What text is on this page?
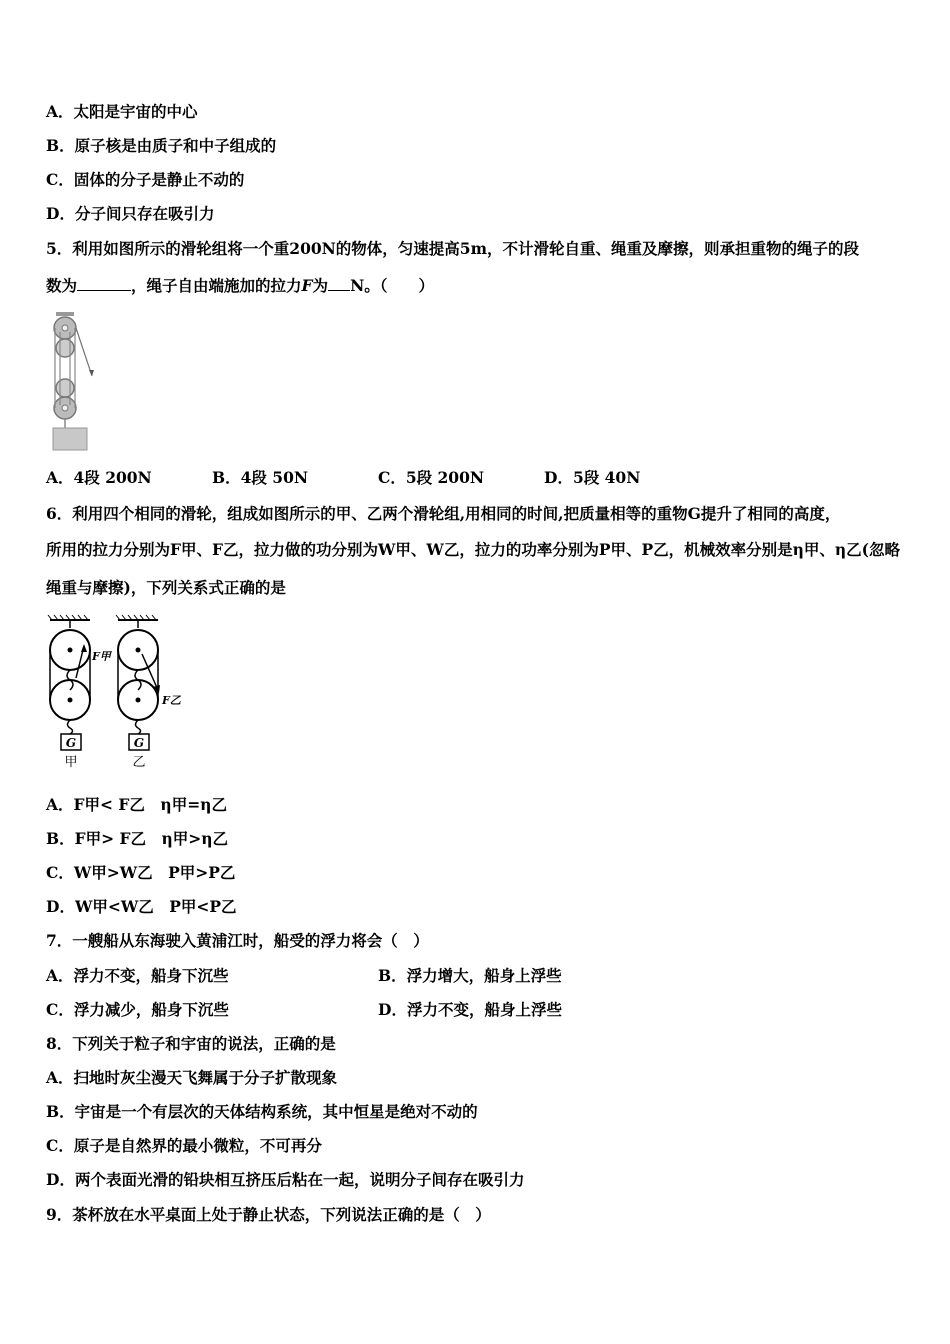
A．太阳是宇宙的中心
B．原子核是由质子和中子组成的
C．固体的分子是静止不动的
D．分子间只存在吸引力
5．利用如图所示的滑轮组将一个重200N的物体，匀速提高5m，不计滑轮自重、绳重及摩擦，则承担重物的绳子的段
数为	，绳子自由端施加的拉力F为 N。（　　）
A．4段 200N	B．4段 50N	C．5段 200N	D．5段 40N
6．利用四个相同的滑轮，组成如图所示的甲、乙两个滑轮组,用相同的时间,把质量相等的重物G提升了相同的高度，
所用的拉力分别为F甲、F乙，拉力做的功分别为W甲、W乙，拉力的功率分别为P甲、P乙，机械效率分别是η甲、η乙(忽略
绳重与摩擦)，下列关系式正确的是
G	G
F甲
F乙
甲	乙
A．F甲< F乙　η甲=η乙
B．F甲> F乙　η甲>η乙
C．W甲>W乙　P甲>P乙
D．W甲<W乙　P甲<P乙
7．一艘船从东海驶入黄浦江时，船受的浮力将会（　）
A．浮力不变，船身下沉些	B．浮力增大，船身上浮些
C．浮力减少，船身下沉些	D．浮力不变，船身上浮些
8．下列关于粒子和宇宙的说法，正确的是
A．扫地时灰尘漫天飞舞属于分子扩散现象
B．宇宙是一个有层次的天体结构系统，其中恒星是绝对不动的
C．原子是自然界的最小微粒，不可再分
D．两个表面光滑的铅块相互挤压后粘在一起，说明分子间存在吸引力
9．茶杯放在水平桌面上处于静止状态，下列说法正确的是（　）
